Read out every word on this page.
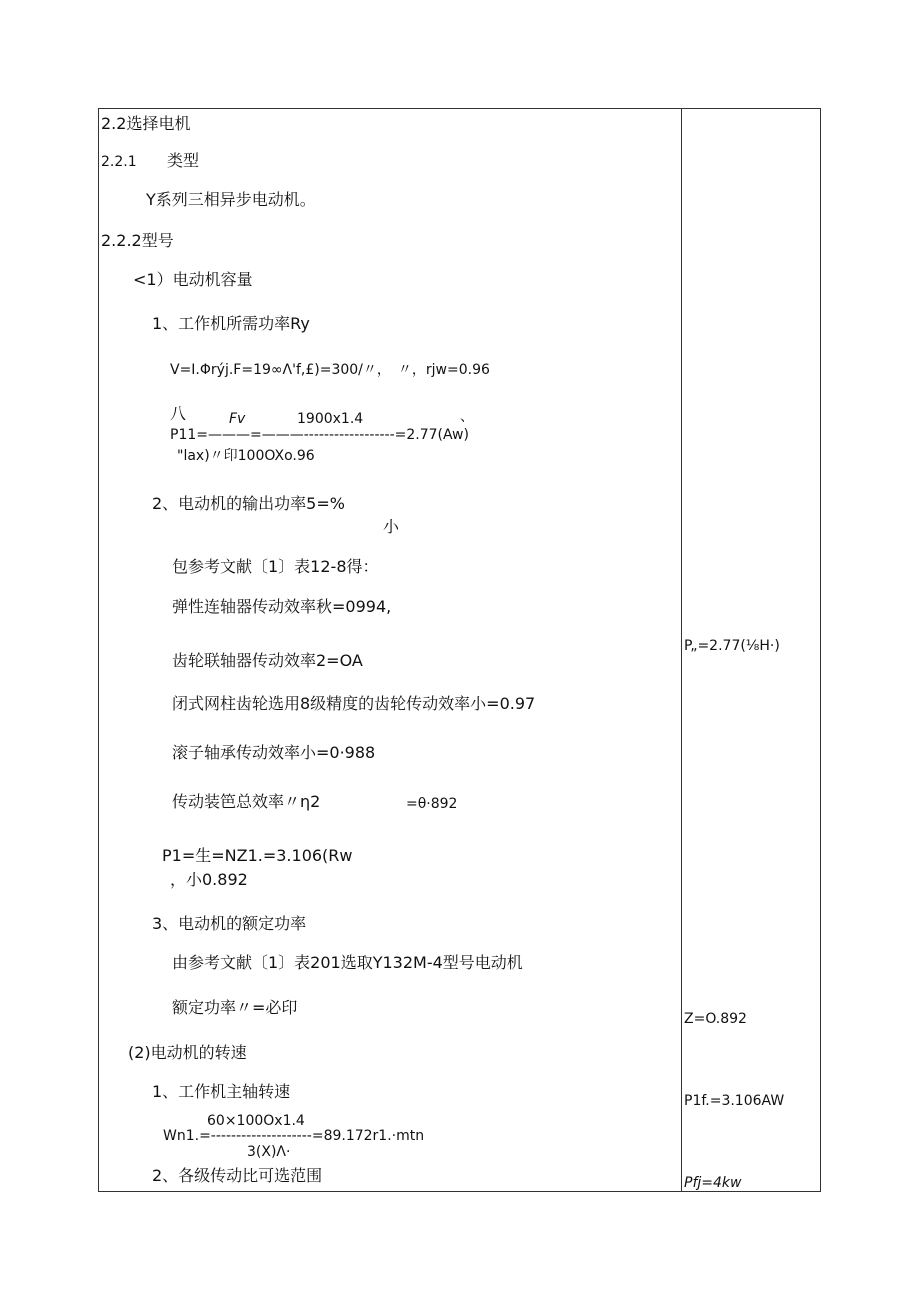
2.2选择电机
2.2.1 类型
Y系列三相异步电动机。
2.2.2型号
<1）电动机容量
1、工作机所需功率Ry
V=I.Φrýj.F=19∞Λ'f,£)=300/〃，　〃，rjw=0.96
八	Fv	1900x1.4	、
P11=———=———------------------=2.77(Aw)
"lax)〃印100OXo.96
2、电动机的输出功率5=%
小
包参考文献〔1〕表12-8得：
弹性连轴器传动效率秋=0994,
齿轮联轴器传动效率2=OA
闭式网柱齿轮选用8级精度的齿轮传动效率小=0.97
滚子轴承传动效率小=0·988
传动装笆总效率〃η2	=θ·892
P1=生=NZ1.=3.106(Rw
，小0.892
3、电动机的额定功率
由参考文献〔1〕表201选取Y132M-4型号电动机
额定功率〃=必印
(2)电动机的转速
1、工作机主轴转速
60×100Ox1.4
Wn1.=--------------------=89.172r1.·mtn
3(X)Λ·
2、各级传动比可选范围
P„=2.77(⅛H·)
Z=O.892
P1f.=3.106AW
Pfj=4kw
